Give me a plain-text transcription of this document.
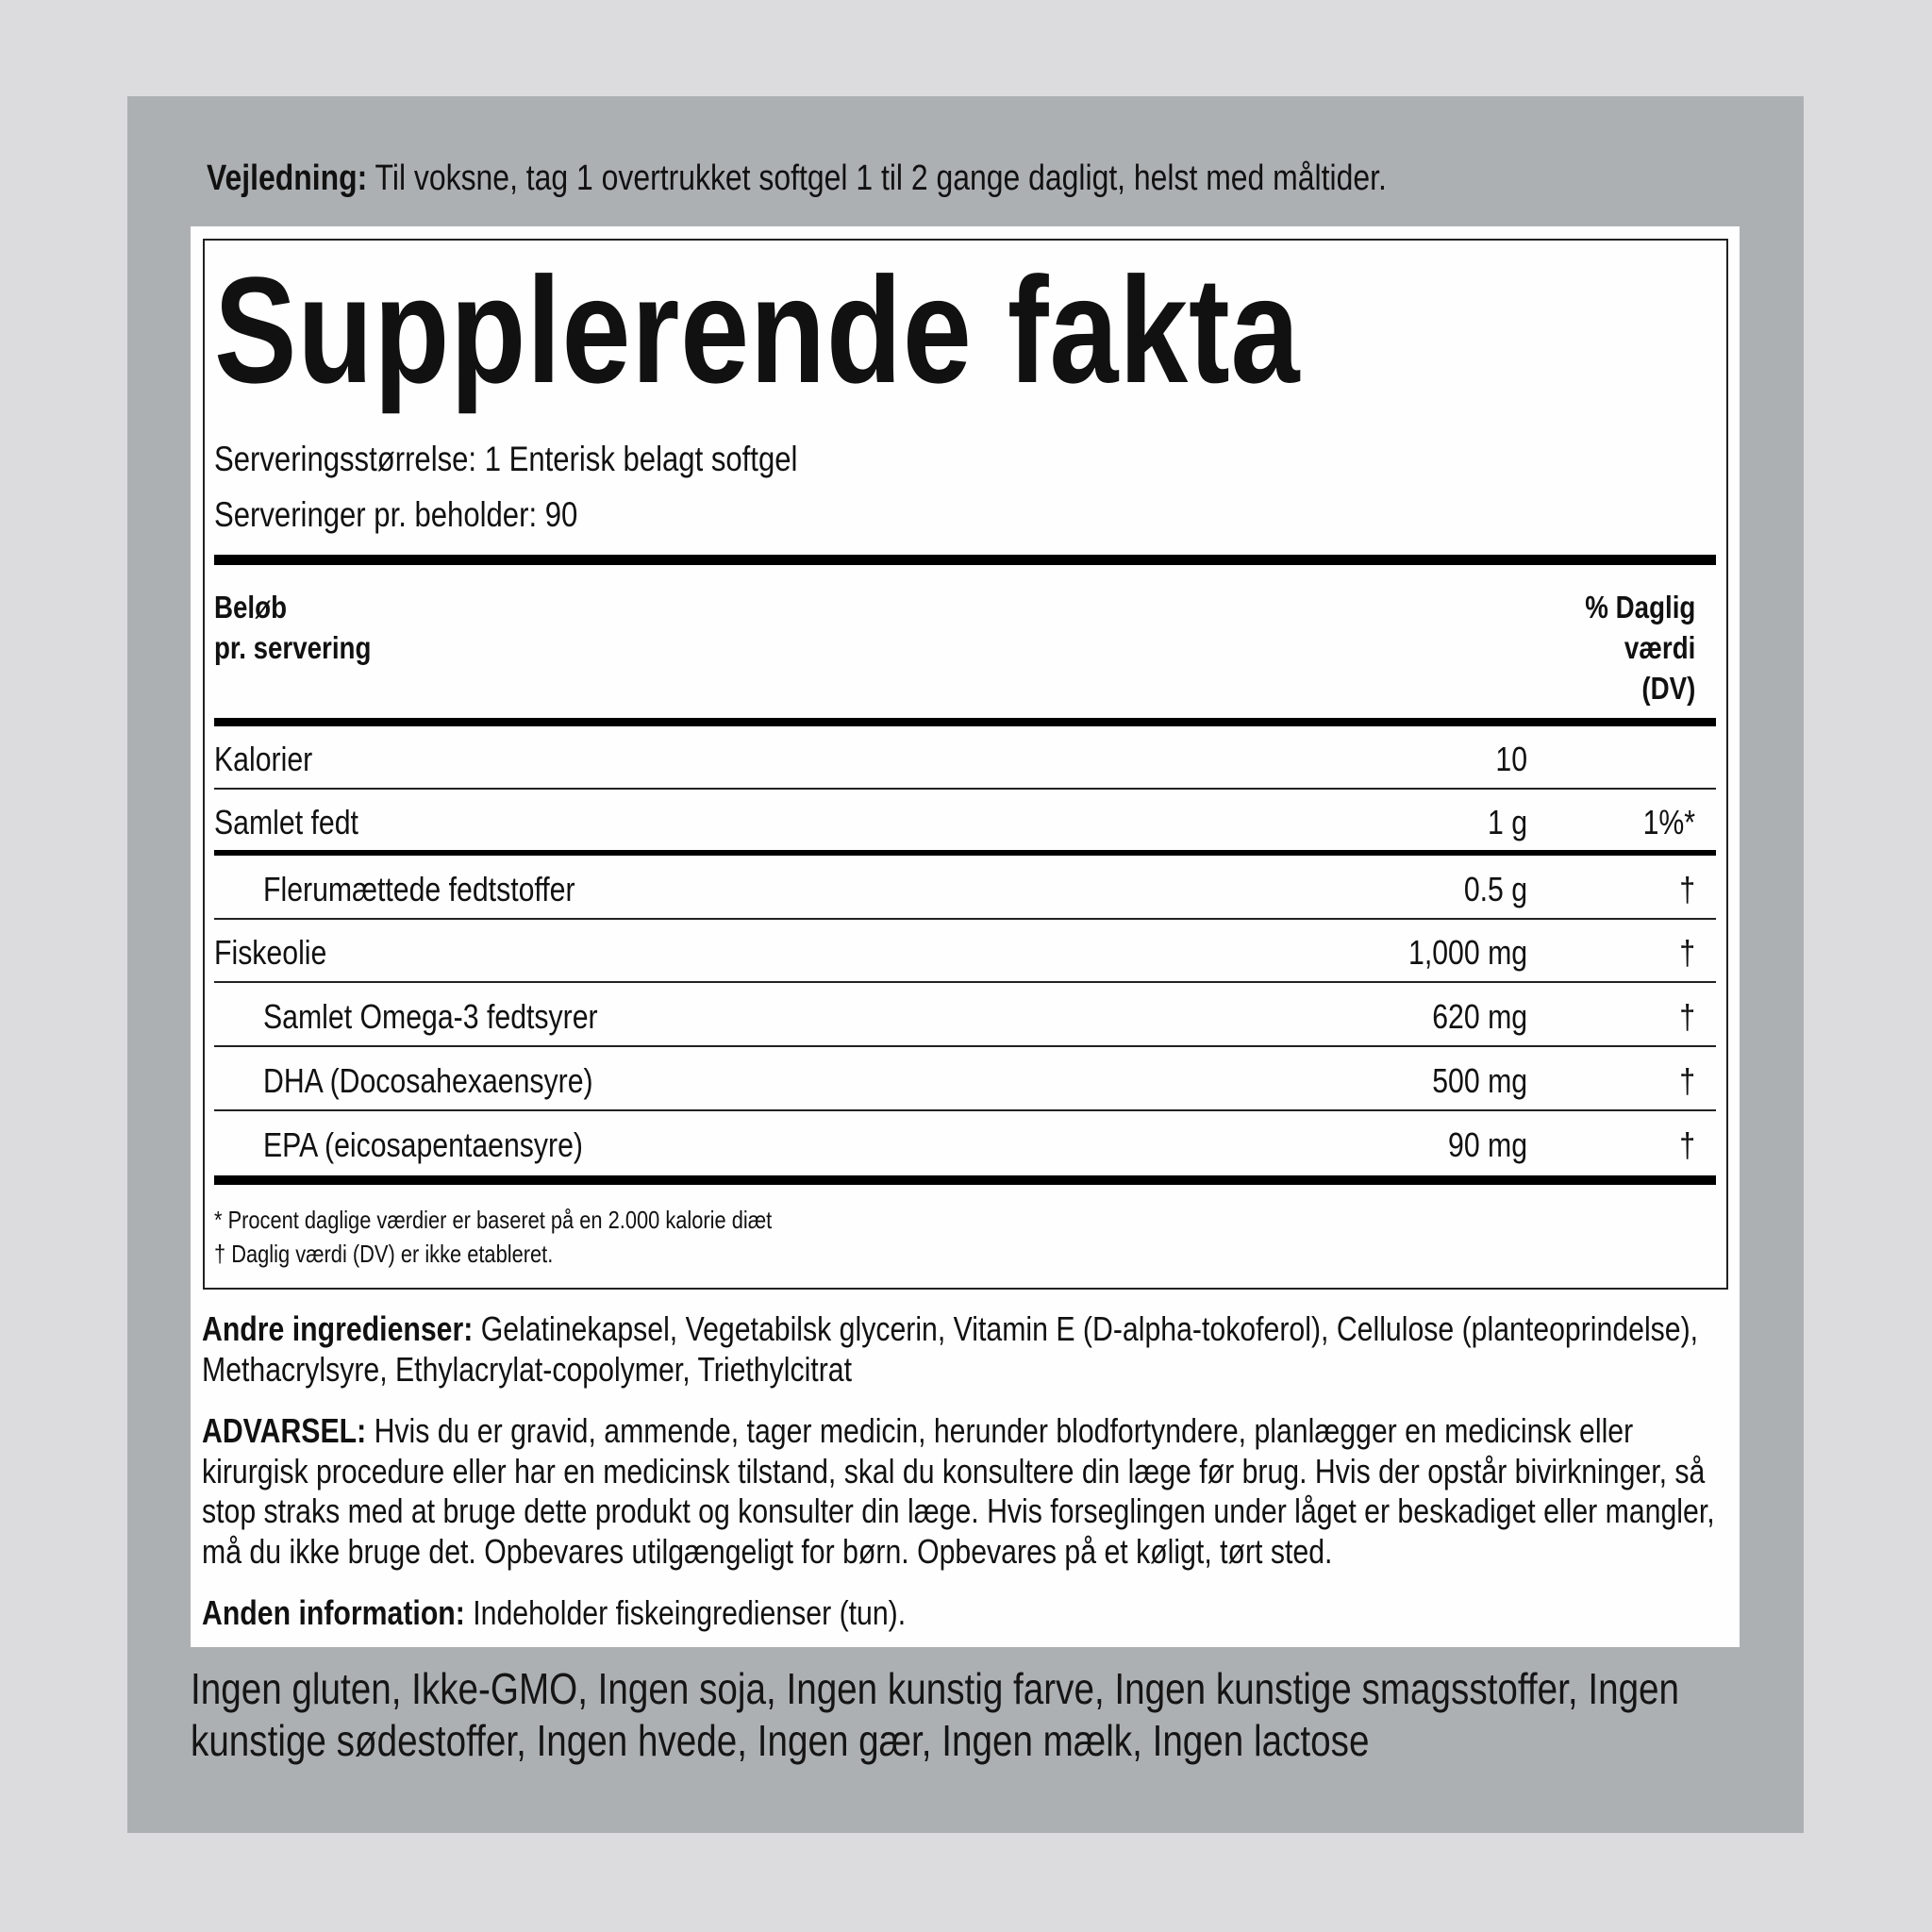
Vejledning: Til voksne, tag 1 overtrukket softgel 1 til 2 gange dagligt, helst med måltider.
Supplerende fakta
Serveringsstørrelse: 1 Enterisk belagt softgel
Serveringer pr. beholder: 90
Beløb
pr. servering
% Daglig
værdi
(DV)
Kalorier	10
Samlet fedt	1 g	1%*
Flerumættede fedtstoffer	0.5 g	†
Fiskeolie	1,000 mg	†
Samlet Omega-3 fedtsyrer	620 mg	†
DHA (Docosahexaensyre)	500 mg	†
EPA (eicosapentaensyre)	90 mg	†
* Procent daglige værdier er baseret på en 2.000 kalorie diæt
† Daglig værdi (DV) er ikke etableret.
Andre ingredienser: Gelatinekapsel, Vegetabilsk glycerin, Vitamin E (D-alpha-tokoferol), Cellulose (planteoprindelse),
Methacrylsyre, Ethylacrylat-copolymer, Triethylcitrat
ADVARSEL: Hvis du er gravid, ammende, tager medicin, herunder blodfortyndere, planlægger en medicinsk eller
kirurgisk procedure eller har en medicinsk tilstand, skal du konsultere din læge før brug. Hvis der opstår bivirkninger, så
stop straks med at bruge dette produkt og konsulter din læge. Hvis forseglingen under låget er beskadiget eller mangler,
må du ikke bruge det. Opbevares utilgængeligt for børn. Opbevares på et køligt, tørt sted.
Anden information: Indeholder fiskeingredienser (tun).
Ingen gluten, Ikke-GMO, Ingen soja, Ingen kunstig farve, Ingen kunstige smagsstoffer, Ingen
kunstige sødestoffer, Ingen hvede, Ingen gær, Ingen mælk, Ingen lactose
